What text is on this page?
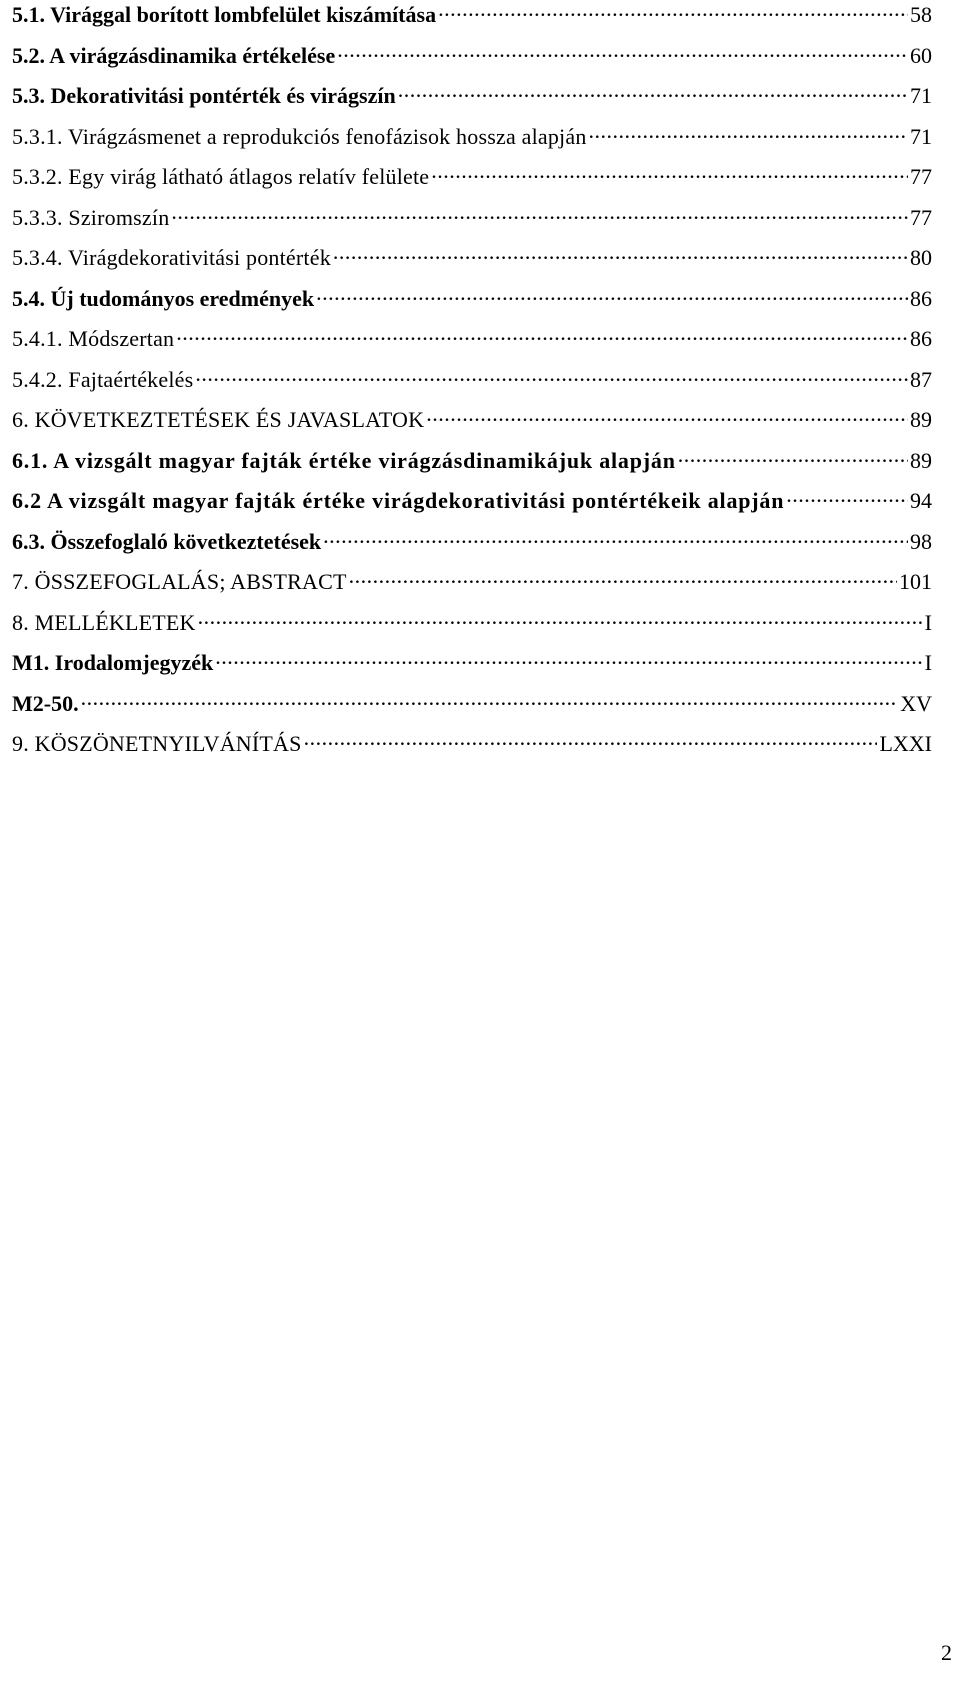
5.1. Virággal borított lombfelület kiszámítása .....	58
5.2. A virágzásdinamika értékelése .....	60
5.3. Dekorativitási pontérték és virágszín .....	71
5.3.1. Virágzásmenet a reprodukciós fenofázisok hossza alapján .....	71
5.3.2. Egy virág látható átlagos relatív felülete .....	77
5.3.3. Sziromszín .....	77
5.3.4. Virágdekorativitási pontérték .....	80
5.4. Új tudományos eredmények .....	86
5.4.1. Módszertan .....	86
5.4.2. Fajtaértékelés .....	87
6. KÖVETKEZTETÉSEK ÉS JAVASLATOK .....	89
6.1. A vizsgált magyar fajták értéke virágzásdinamikájuk alapján .....	89
6.2 A vizsgált magyar fajták értéke virágdekorativitási pontértékeik alapján .....	94
6.3. Összefoglaló következtetések .....	98
7. ÖSSZEFOGLALÁS; ABSTRACT .....	101
8. MELLÉKLETEK .....	I
M1. Irodalomjegyzék .....	I
M2-50. .....	XV
9. KÖSZÖNETNYILVÁNÍTÁS .....	LXXI
2
